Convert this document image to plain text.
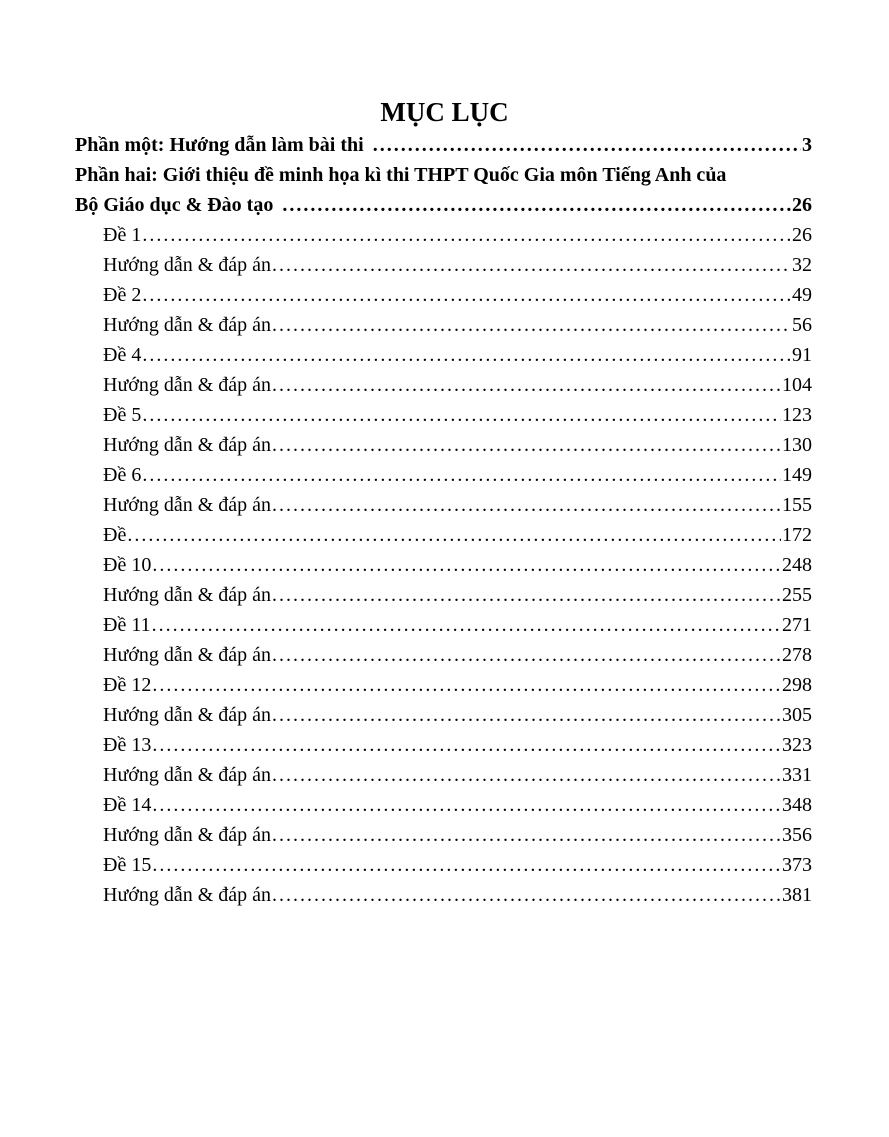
MỤC LỤC
Phần một: Hướng dẫn làm bài thi . . .	3
Phần hai: Giới thiệu đề minh họa kì thi THPT Quốc Gia môn Tiếng Anh của
Bộ Giáo dục & Đào tạo . . .	26
Đề 1 . . .	26
Hướng dẫn & đáp án . . .	32
Đề 2 . . .	49
Hướng dẫn & đáp án . . .	56
Đề 4 . . .	91
Hướng dẫn & đáp án . . .	104
Đề 5 . . .	123
Hướng dẫn & đáp án . . .	130
Đề 6 . . .	149
Hướng dẫn & đáp án . . .	155
Đề . . .	172
Đề 10 . . .	248
Hướng dẫn & đáp án . . .	255
Đề 11 . . .	271
Hướng dẫn & đáp án . . .	278
Đề 12 . . .	298
Hướng dẫn & đáp án . . .	305
Đề 13 . . .	323
Hướng dẫn & đáp án . . .	331
Đề 14 . . .	348
Hướng dẫn & đáp án . . .	356
Đề 15 . . .	373
Hướng dẫn & đáp án . . .	381
